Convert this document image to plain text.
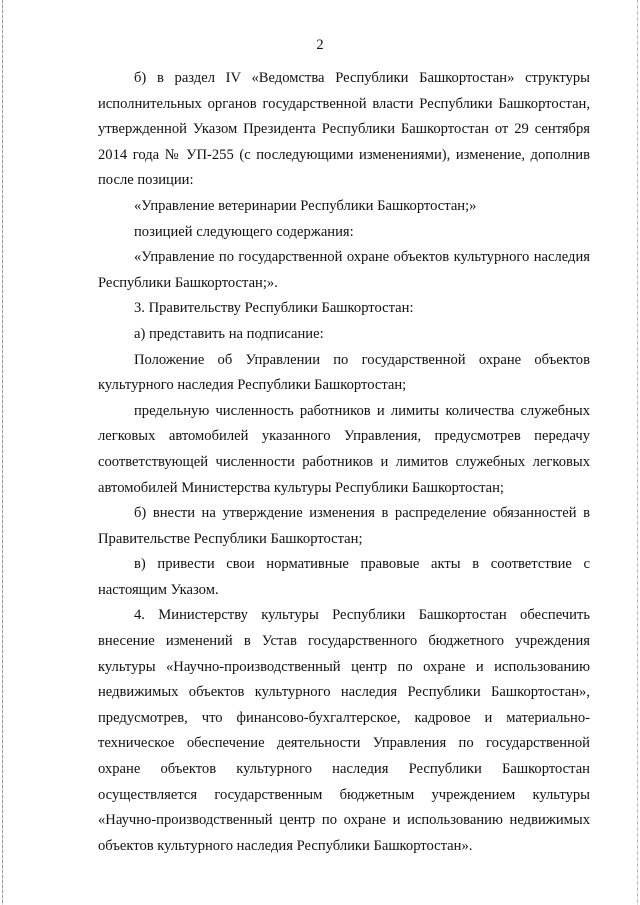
2

б) в раздел IV «Ведомства Республики Башкортостан» структуры исполнительных органов государственной власти Республики Башкортостан, утвержденной Указом Президента Республики Башкортостан от 29 сентября 2014 года № УП-255 (с последующими изменениями), изменение, дополнив после позиции:

«Управление ветеринарии Республики Башкортостан;»

позицией следующего содержания:

«Управление по государственной охране объектов культурного наследия Республики Башкортостан;».

3. Правительству Республики Башкортостан:

а) представить на подписание:

Положение об Управлении по государственной охране объектов культурного наследия Республики Башкортостан;

предельную численность работников и лимиты количества служебных легковых автомобилей указанного Управления, предусмотрев передачу соответствующей численности работников и лимитов служебных легковых автомобилей Министерства культуры Республики Башкортостан;

б) внести на утверждение изменения в распределение обязанностей в Правительстве Республики Башкортостан;

в) привести свои нормативные правовые акты в соответствие с настоящим Указом.

4. Министерству культуры Республики Башкортостан обеспечить внесение изменений в Устав государственного бюджетного учреждения культуры «Научно-производственный центр по охране и использованию недвижимых объектов культурного наследия Республики Башкортостан», предусмотрев, что финансово-бухгалтерское, кадровое и материально-техническое обеспечение деятельности Управления по государственной охране объектов культурного наследия Республики Башкортостан осуществляется государственным бюджетным учреждением культуры «Научно-производственный центр по охране и использованию недвижимых объектов культурного наследия Республики Башкортостан».
